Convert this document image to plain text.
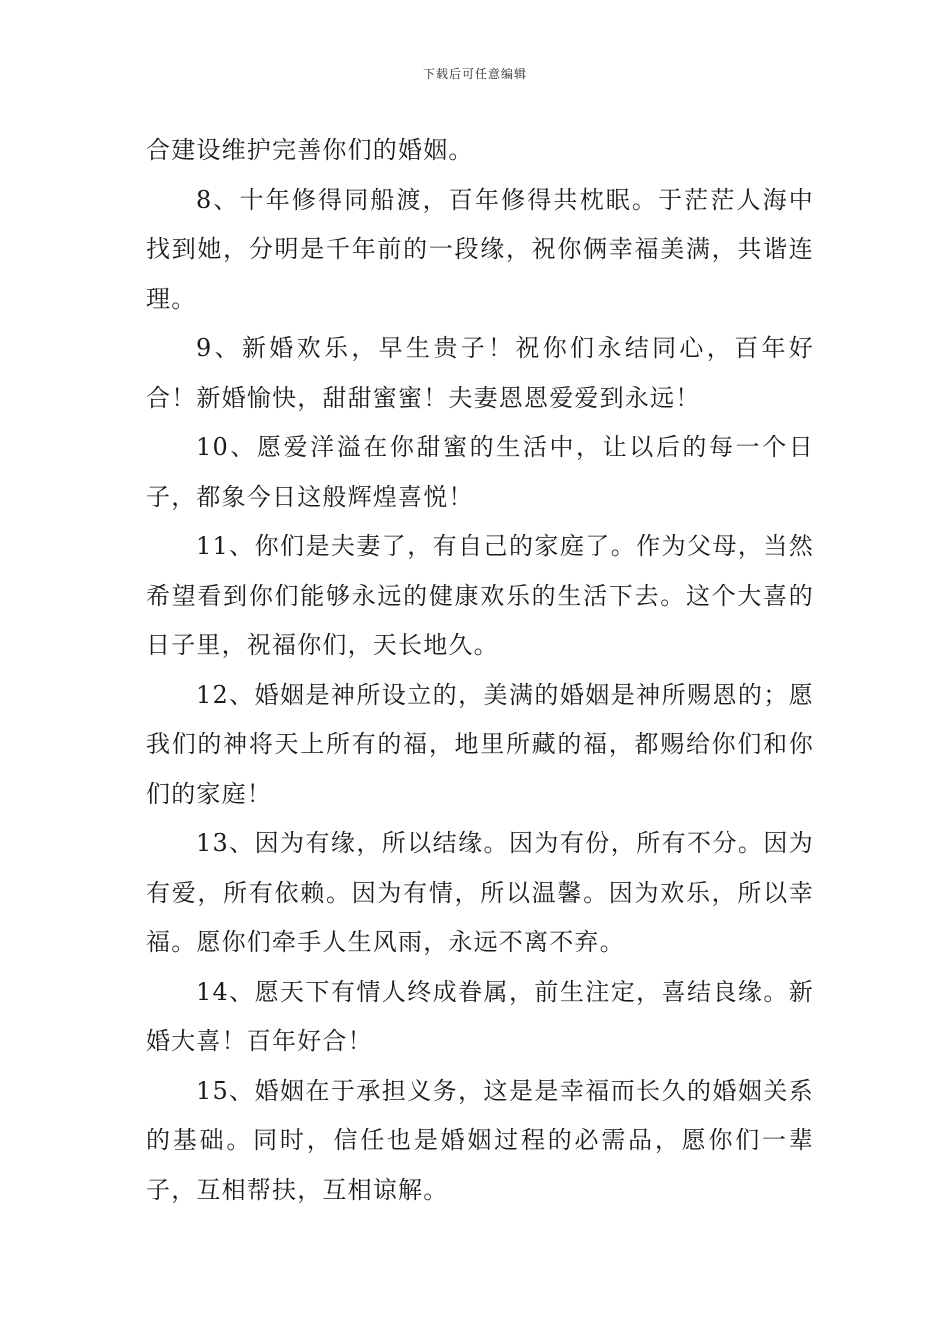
下载后可任意编辑

合建设维护完善你们的婚姻。

8、十年修得同船渡，百年修得共枕眠。于茫茫人海中找到她，分明是千年前的一段缘，祝你俩幸福美满，共谐连理。

9、新婚欢乐，早生贵子！祝你们永结同心，百年好合！新婚愉快，甜甜蜜蜜！夫妻恩恩爱爱到永远！

10、愿爱洋溢在你甜蜜的生活中，让以后的每一个日子，都象今日这般辉煌喜悦！

11、你们是夫妻了，有自己的家庭了。作为父母，当然希望看到你们能够永远的健康欢乐的生活下去。这个大喜的日子里，祝福你们，天长地久。

12、婚姻是神所设立的，美满的婚姻是神所赐恩的；愿我们的神将天上所有的福，地里所藏的福，都赐给你们和你们的家庭！

13、因为有缘，所以结缘。因为有份，所有不分。因为有爱，所有依赖。因为有情，所以温馨。因为欢乐，所以幸福。愿你们牵手人生风雨，永远不离不弃。

14、愿天下有情人终成眷属，前生注定，喜结良缘。新婚大喜！百年好合！

15、婚姻在于承担义务，这是是幸福而长久的婚姻关系的基础。同时，信任也是婚姻过程的必需品，愿你们一辈子，互相帮扶，互相谅解。
